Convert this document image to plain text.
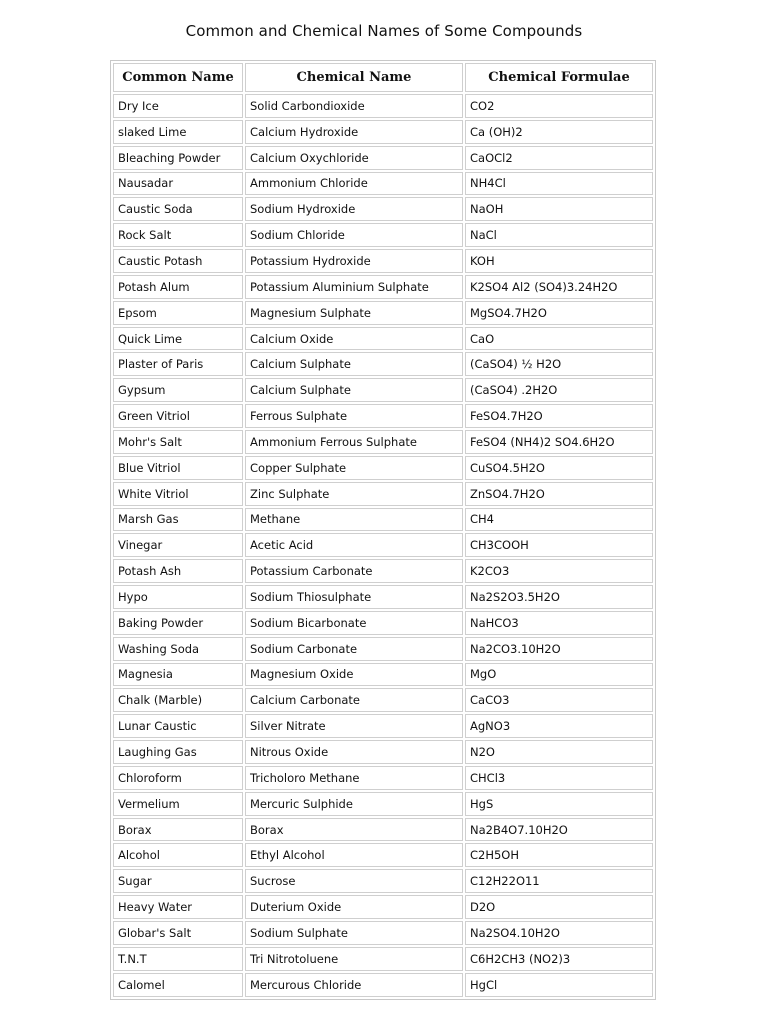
Common and Chemical Names of Some Compounds
Common Name	Chemical Name	Chemical Formulae
Dry Ice	Solid Carbondioxide	CO2
slaked Lime	Calcium Hydroxide	Ca (OH)2
Bleaching Powder	Calcium Oxychloride	CaOCl2
Nausadar	Ammonium Chloride	NH4Cl
Caustic Soda	Sodium Hydroxide	NaOH
Rock Salt	Sodium Chloride	NaCl
Caustic Potash	Potassium Hydroxide	KOH
Potash Alum	Potassium Aluminium Sulphate	K2SO4 Al2 (SO4)3.24H2O
Epsom	Magnesium Sulphate	MgSO4.7H2O
Quick Lime	Calcium Oxide	CaO
Plaster of Paris	Calcium Sulphate	(CaSO4) ½ H2O
Gypsum	Calcium Sulphate	(CaSO4) .2H2O
Green Vitriol	Ferrous Sulphate	FeSO4.7H2O
Mohr's Salt	Ammonium Ferrous Sulphate	FeSO4 (NH4)2 SO4.6H2O
Blue Vitriol	Copper Sulphate	CuSO4.5H2O
White Vitriol	Zinc Sulphate	ZnSO4.7H2O
Marsh Gas	Methane	CH4
Vinegar	Acetic Acid	CH3COOH
Potash Ash	Potassium Carbonate	K2CO3
Hypo	Sodium Thiosulphate	Na2S2O3.5H2O
Baking Powder	Sodium Bicarbonate	NaHCO3
Washing Soda	Sodium Carbonate	Na2CO3.10H2O
Magnesia	Magnesium Oxide	MgO
Chalk (Marble)	Calcium Carbonate	CaCO3
Lunar Caustic	Silver Nitrate	AgNO3
Laughing Gas	Nitrous Oxide	N2O
Chloroform	Tricholoro Methane	CHCl3
Vermelium	Mercuric Sulphide	HgS
Borax	Borax	Na2B4O7.10H2O
Alcohol	Ethyl Alcohol	C2H5OH
Sugar	Sucrose	C12H22O11
Heavy Water	Duterium Oxide	D2O
Globar's Salt	Sodium Sulphate	Na2SO4.10H2O
T.N.T	Tri Nitrotoluene	C6H2CH3 (NO2)3
Calomel	Mercurous Chloride	HgCl
